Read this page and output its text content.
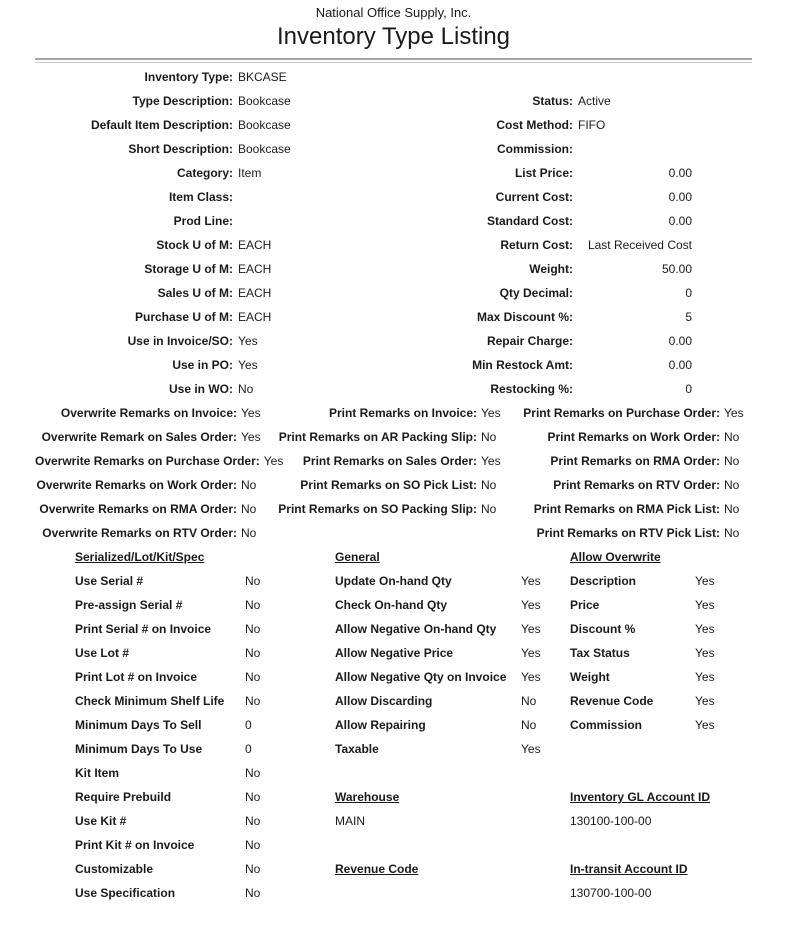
National Office Supply, Inc.
Inventory Type Listing
Inventory Type: BKCASE
Type Description: Bookcase
Default Item Description: Bookcase
Short Description: Bookcase
Category: Item
Item Class:
Prod Line:
Stock U of M: EACH
Storage U of M: EACH
Sales U of M: EACH
Purchase U of M: EACH
Use in Invoice/SO: Yes
Use in PO: Yes
Use in WO: No
Status: Active
Cost Method: FIFO
Commission:
List Price:	0.00
Current Cost:	0.00
Standard Cost:	0.00
Return Cost:	Last Received Cost
Weight:	50.00
Qty Decimal:	0
Max Discount %:	5
Repair Charge:	0.00
Min Restock Amt:	0.00
Restocking %:	0
Overwrite Remarks on Invoice: Yes
Overwrite Remark on Sales Order: Yes
Overwrite Remarks on Purchase Order: Yes
Overwrite Remarks on Work Order: No
Overwrite Remarks on RMA Order: No
Overwrite Remarks on RTV Order: No
Print Remarks on Invoice: Yes
Print Remarks on AR Packing Slip: No
Print Remarks on Sales Order: Yes
Print Remarks on SO Pick List: No
Print Remarks on SO Packing Slip: No
Print Remarks on Purchase Order: Yes
Print Remarks on Work Order: No
Print Remarks on RMA Order: No
Print Remarks on RTV Order: No
Print Remarks on RMA Pick List: No
Print Remarks on RTV Pick List: No
Serialized/Lot/Kit/Spec
Use Serial #	No
Pre-assign Serial #	No
Print Serial # on Invoice	No
Use Lot #	No
Print Lot # on Invoice	No
Check Minimum Shelf Life	No
Minimum Days To Sell	0
Minimum Days To Use	0
Kit Item	No
Require Prebuild	No
Use Kit #	No
Print Kit # on Invoice	No
Customizable	No
Use Specification	No
General
Update On-hand Qty	Yes
Check On-hand Qty	Yes
Allow Negative On-hand Qty	Yes
Allow Negative Price	Yes
Allow Negative Qty on Invoice	Yes
Allow Discarding	No
Allow Repairing	No
Taxable	Yes
Warehouse
MAIN
Revenue Code
Allow Overwrite
Description	Yes
Price	Yes
Discount %	Yes
Tax Status	Yes
Weight	Yes
Revenue Code	Yes
Commission	Yes
Inventory GL Account ID
130100-100-00
In-transit Account ID
130700-100-00
